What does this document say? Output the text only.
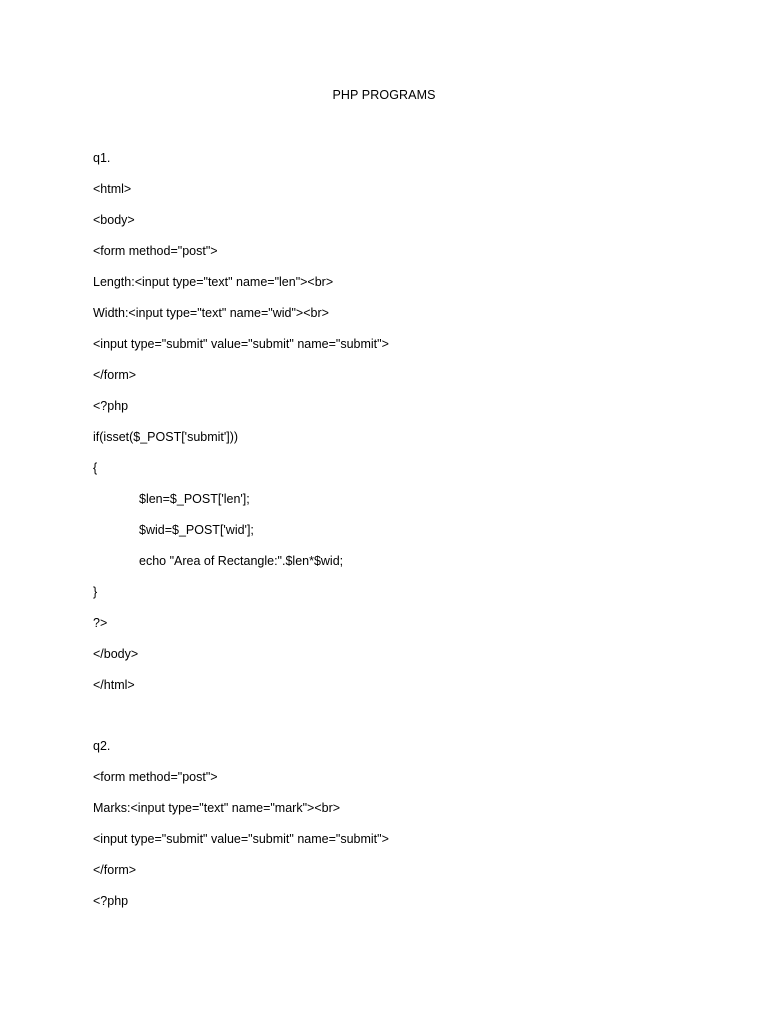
PHP PROGRAMS
q1.
<html>
<body>
<form method="post">
Length:<input type="text" name="len"><br>
Width:<input type="text" name="wid"><br>
<input type="submit" value="submit" name="submit">
</form>
<?php
if(isset($_POST['submit']))
{
$len=$_POST['len'];
$wid=$_POST['wid'];
echo "Area of Rectangle:".$len*$wid;
}
?>
</body>
</html>
q2.
<form method="post">
Marks:<input type="text" name="mark"><br>
<input type="submit" value="submit" name="submit">
</form>
<?php
